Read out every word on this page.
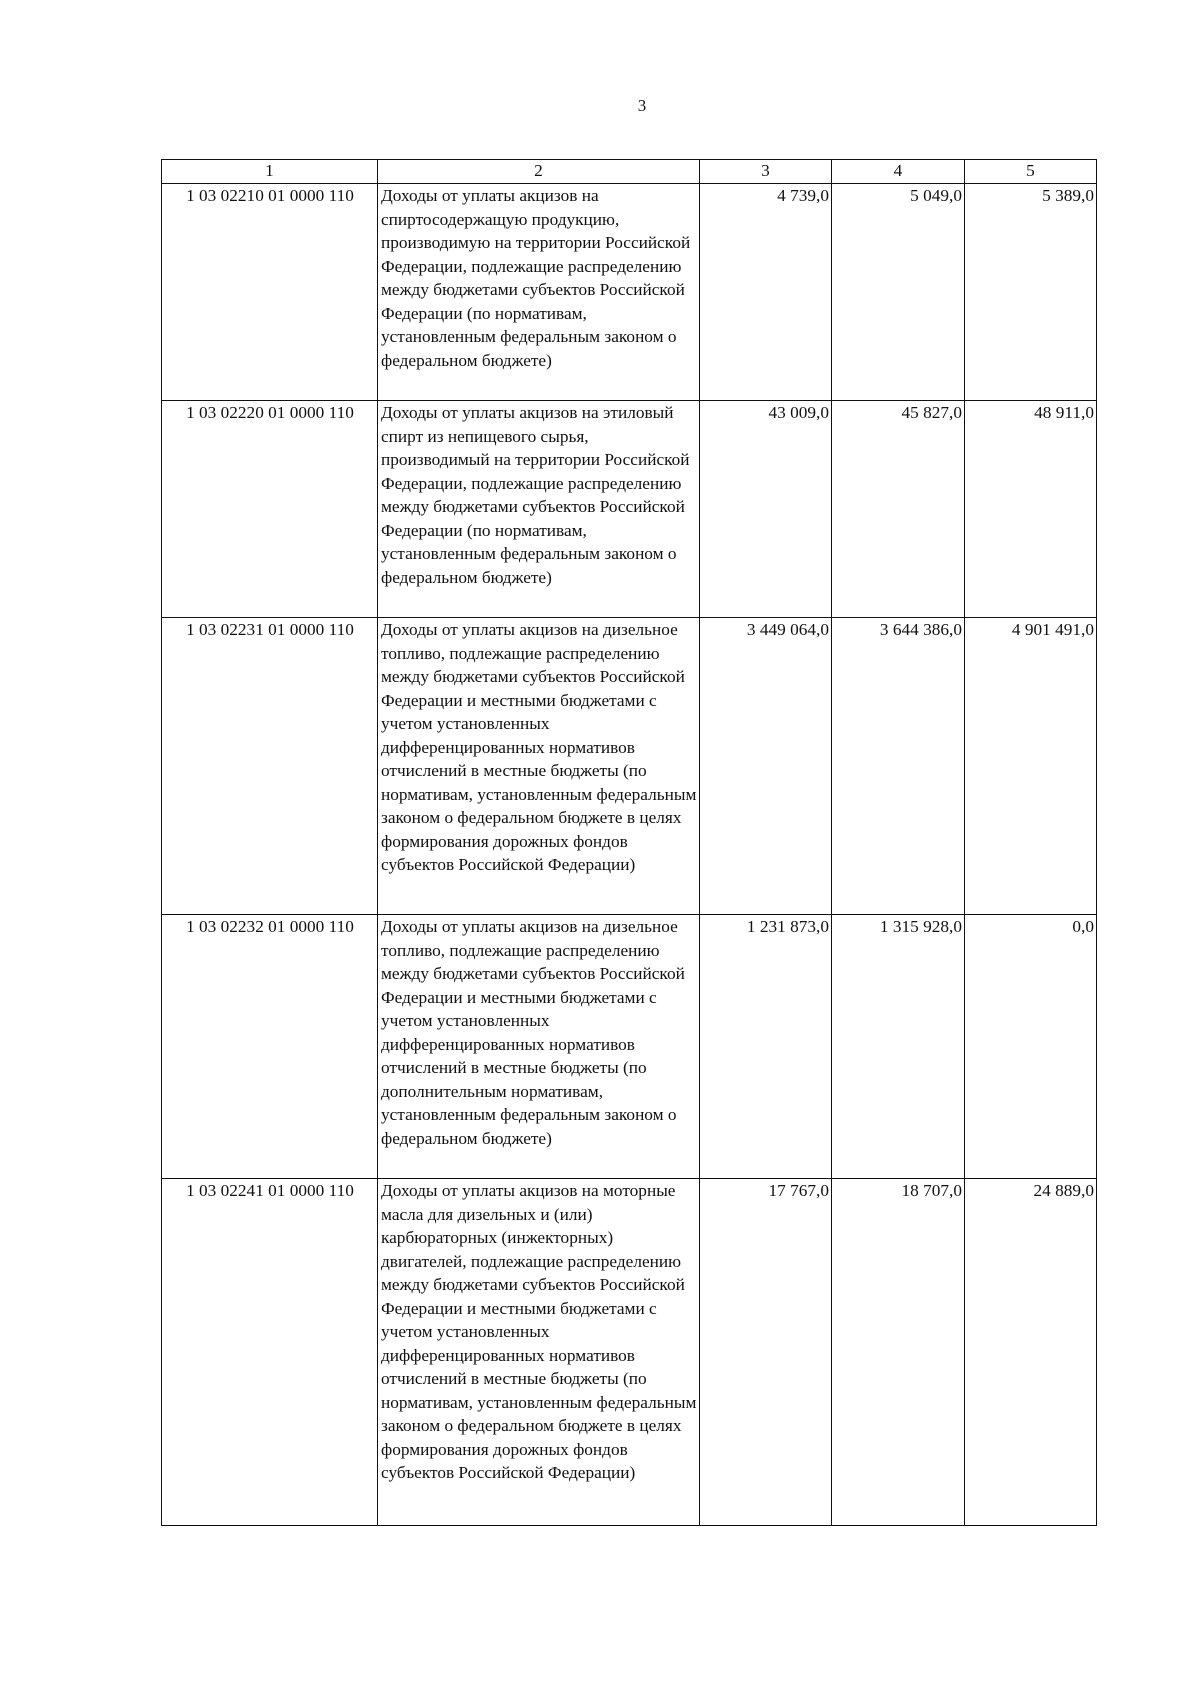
3
1	2	3	4	5
1 03 02210 01 0000 110	Доходы от уплаты акцизов на спиртосодержащую продукцию, производимую на территории Российской Федерации, подлежащие распределению между бюджетами субъектов Российской Федерации (по нормативам, установленным федеральным законом о федеральном бюджете)	4 739,0	5 049,0	5 389,0
1 03 02220 01 0000 110	Доходы от уплаты акцизов на этиловый спирт из непищевого сырья, производимый на территории Российской Федерации, подлежащие распределению между бюджетами субъектов Российской Федерации (по нормативам, установленным федеральным законом о федеральном бюджете)	43 009,0	45 827,0	48 911,0
1 03 02231 01 0000 110	Доходы от уплаты акцизов на дизельное топливо, подлежащие распределению между бюджетами субъектов Российской Федерации и местными бюджетами с учетом установленных дифференцированных нормативов отчислений в местные бюджеты (по нормативам, установленным федеральным законом о федеральном бюджете в целях формирования дорожных фондов субъектов Российской Федерации)	3 449 064,0	3 644 386,0	4 901 491,0
1 03 02232 01 0000 110	Доходы от уплаты акцизов на дизельное топливо, подлежащие распределению между бюджетами субъектов Российской Федерации и местными бюджетами с учетом установленных дифференцированных нормативов отчислений в местные бюджеты (по дополнительным нормативам, установленным федеральным законом о федеральном бюджете)	1 231 873,0	1 315 928,0	0,0
1 03 02241 01 0000 110	Доходы от уплаты акцизов на моторные масла для дизельных и (или) карбюраторных (инжекторных) двигателей, подлежащие распределению между бюджетами субъектов Российской Федерации и местными бюджетами с учетом установленных дифференцированных нормативов отчислений в местные бюджеты (по нормативам, установленным федеральным законом о федеральном бюджете в целях формирования дорожных фондов субъектов Российской Федерации)	17 767,0	18 707,0	24 889,0
